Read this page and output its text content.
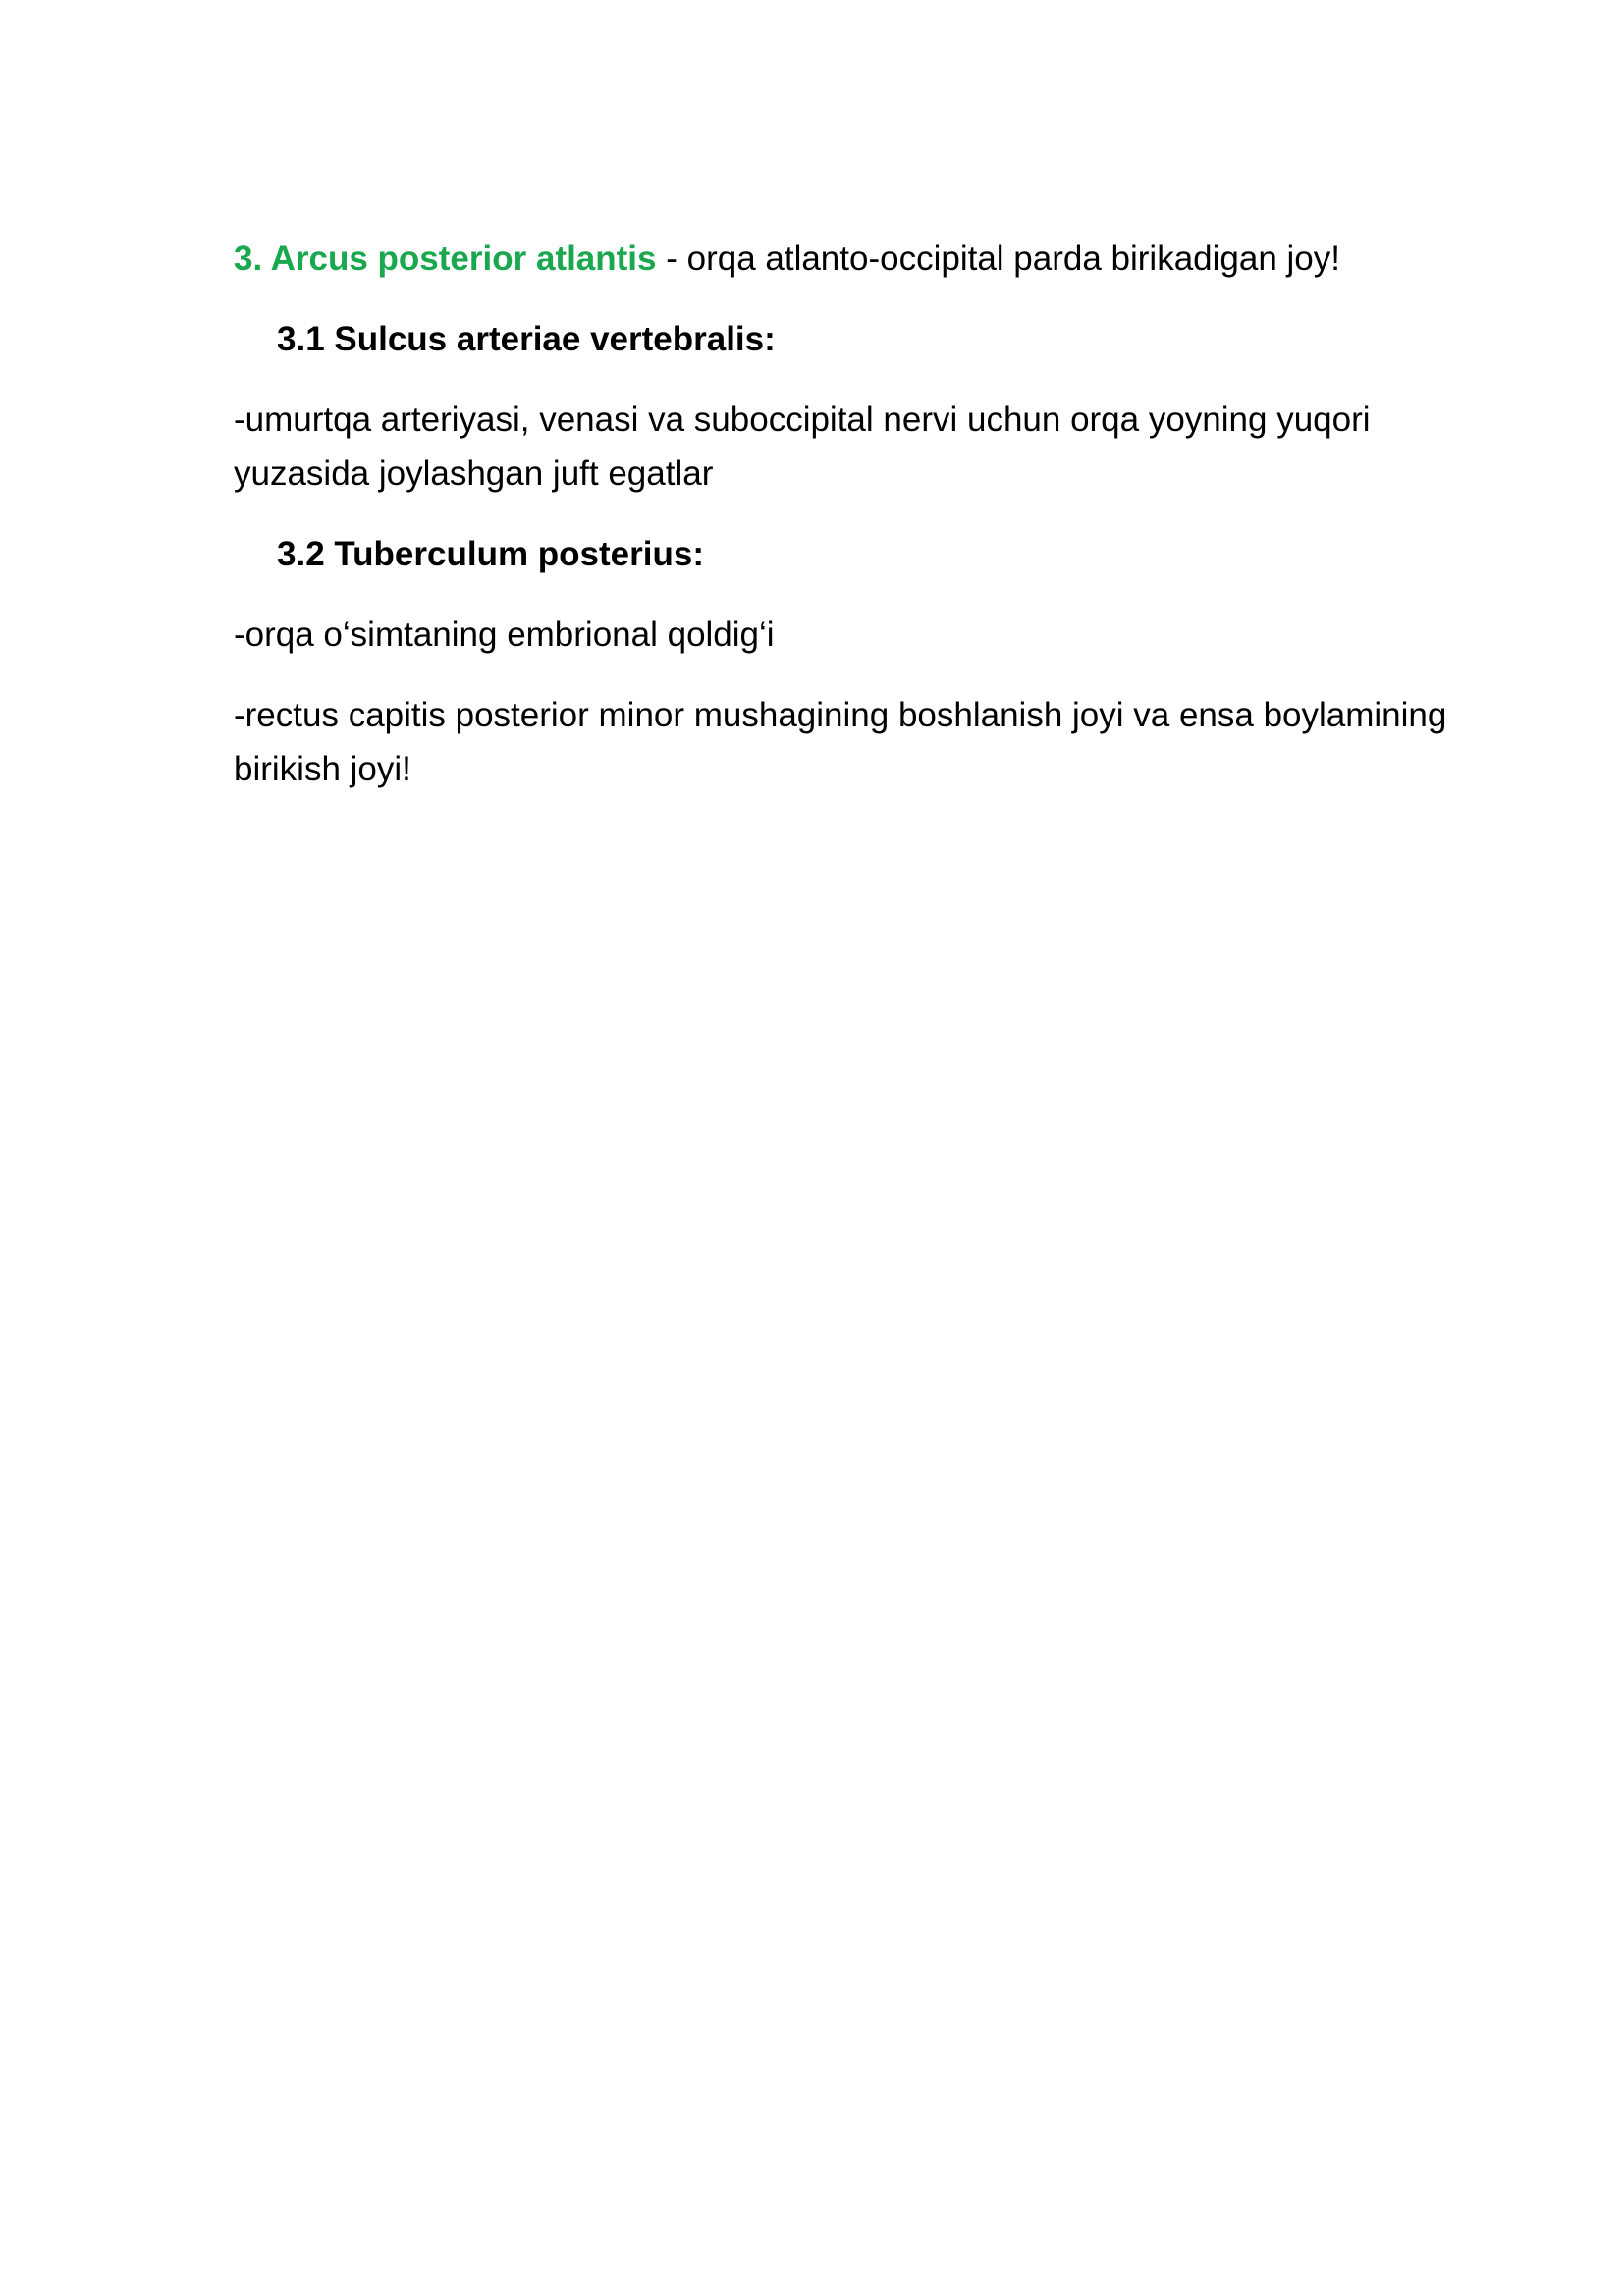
3. Arcus posterior atlantis - orqa atlanto-occipital parda birikadigan joy!

3.1 Sulcus arteriae vertebralis:

-umurtqa arteriyasi, venasi va suboccipital nervi uchun orqa yoyning yuqori yuzasida joylashgan juft egatlar

3.2 Tuberculum posterius:

-orqa o‘simtaning embrional qoldig‘i

-rectus capitis posterior minor mushagining boshlanish joyi va ensa boylamining birikish joyi!
